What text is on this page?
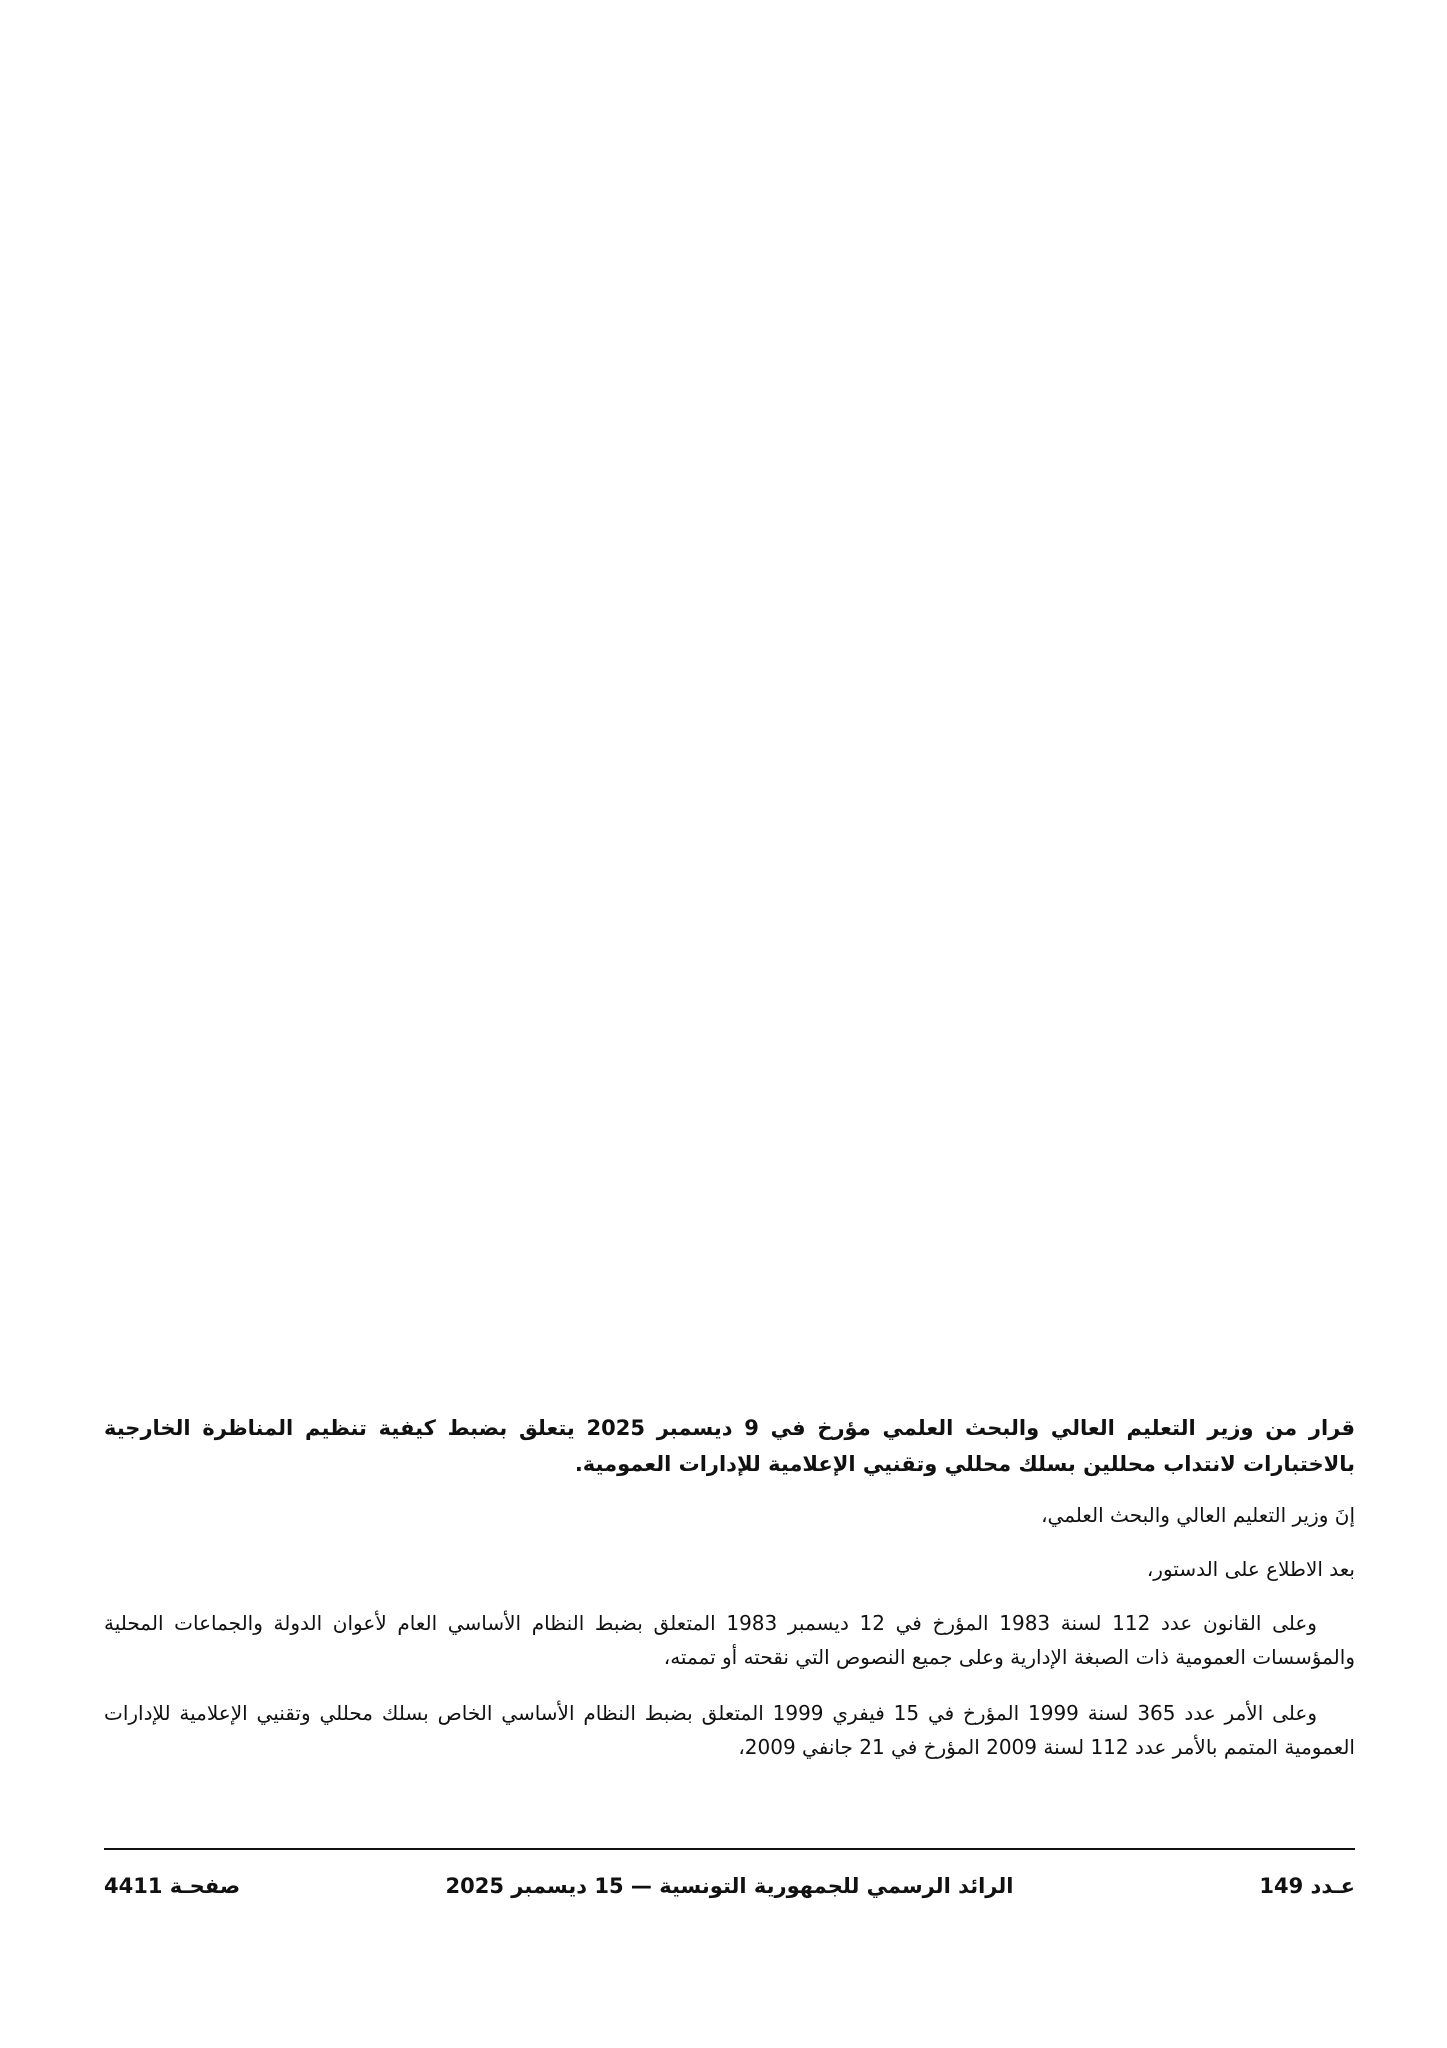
قرار من وزير التعليم العالي والبحث العلمي مؤرخ في 9 ديسمبر 2025 يتعلق بضبط كيفية تنظيم المناظرة الخارجية بالاختبارات لانتداب محللين بسلك محللي وتقنيي الإعلامية للإدارات العمومية.

إنَ وزير التعليم العالي والبحث العلمي،

بعد الاطلاع على الدستور،

وعلى القانون عدد 112 لسنة 1983 المؤرخ في 12 ديسمبر 1983 المتعلق بضبط النظام الأساسي العام لأعوان الدولة والجماعات المحلية والمؤسسات العمومية ذات الصبغة الإدارية وعلى جميع النصوص التي نقحته أو تممته،

وعلى الأمر عدد 365 لسنة 1999 المؤرخ في 15 فيفري 1999 المتعلق بضبط النظام الأساسي الخاص بسلك محللي وتقنيي الإعلامية للإدارات العمومية المتمم بالأمر عدد 112 لسنة 2009 المؤرخ في 21 جانفي 2009،

عـدد 149
الرائد الرسمي للجمهورية التونسية — 15 ديسمبر 2025
صفحـة 4411
